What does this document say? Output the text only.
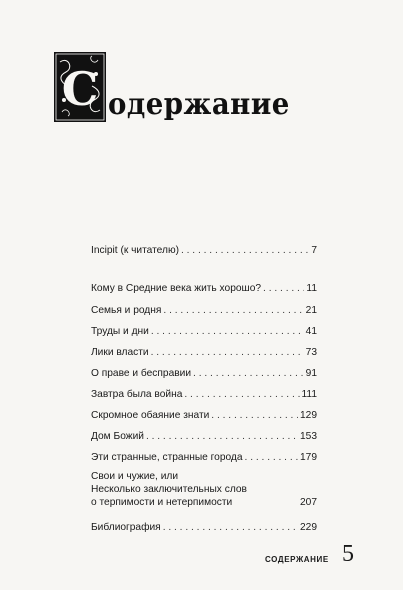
С одержание
Incipit (к читателю) . . .	7
Кому в Средние века жить хорошо? . . .	11
Семья и родня . . .	21
Труды и дни . . .	41
Лики власти . . .	73
О праве и бесправии . . .	91
Завтра была война . . .	111
Скромное обаяние знати . . .	129
Дом Божий . . .	153
Эти странные, странные города . . .	179
Свои и чужие, или
Несколько заключительных слов
о терпимости и нетерпимости	207
Библиография . . .	229
СОДЕРЖАНИЕ 5
